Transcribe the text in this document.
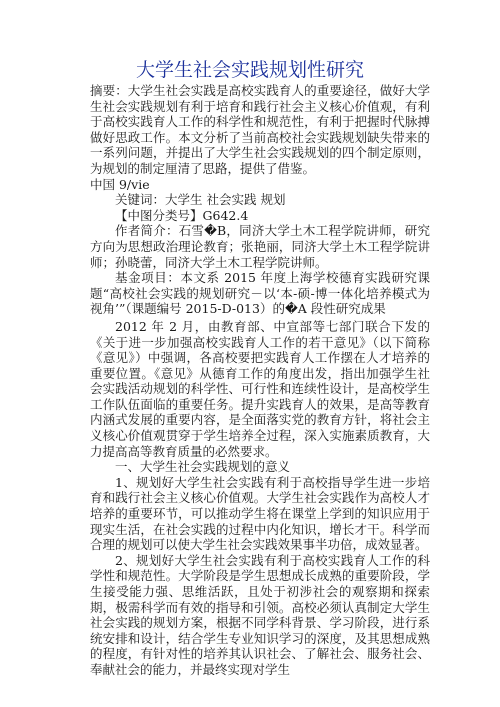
大学生社会实践规划性研究

摘要：大学生社会实践是高校实践育人的重要途径，做好大学生社会实践规划有利于培育和践行社会主义核心价值观，有利于高校实践育人工作的科学性和规范性，有利于把握时代脉搏做好思政工作。本文分析了当前高校社会实践规划缺失带来的一系列问题，并提出了大学生社会实践规划的四个制定原则，为规划的制定厘清了思路，提供了借鉴。

中国 9/vie

关键词：大学生 社会实践 规划

【中图分类号】G642.4

作者简介：石雪�B，同济大学土木工程学院讲师，研究方向为思想政治理论教育；张艳丽，同济大学土木工程学院讲师；孙晓蕾，同济大学土木工程学院讲师。

基金项目：本文系 2015 年度上海学校德育实践研究课题“高校社会实践的规划研究－以‘本-硕-博一体化培养模式为视角’”（课题编号 2015-D-013）的�A 段性研究成果

2012 年 2 月，由教育部、中宣部等七部门联合下发的《关于进一步加强高校实践育人工作的若干意见》（以下简称《意见》）中强调，各高校要把实践育人工作摆在人才培养的重要位置。《意见》从德育工作的角度出发，指出加强学生社会实践活动规划的科学性、可行性和连续性设计，是高校学生工作队伍面临的重要任务。提升实践育人的效果，是高等教育内涵式发展的重要内容，是全面落实党的教育方针，将社会主义核心价值观贯穿于学生培养全过程，深入实施素质教育，大力提高高等教育质量的必然要求。

一、大学生社会实践规划的意义

1、规划好大学生社会实践有利于高校指导学生进一步培育和践行社会主义核心价值观。大学生社会实践作为高校人才培养的重要环节，可以推动学生将在课堂上学到的知识应用于现实生活，在社会实践的过程中内化知识，增长才干。科学而合理的规划可以使大学生社会实践效果事半功倍，成效显著。

2、规划好大学生社会实践有利于高校实践育人工作的科学性和规范性。大学阶段是学生思想成长成熟的重要阶段，学生接受能力强、思维活跃，且处于初涉社会的观察期和探索期，极需科学而有效的指导和引领。高校必须认真制定大学生社会实践的规划方案，根据不同学科背景、学习阶段，进行系统安排和设计，结合学生专业知识学习的深度，及其思想成熟的程度，有针对性的培养其认识社会、了解社会、服务社会、奉献社会的能力，并最终实现对学生
